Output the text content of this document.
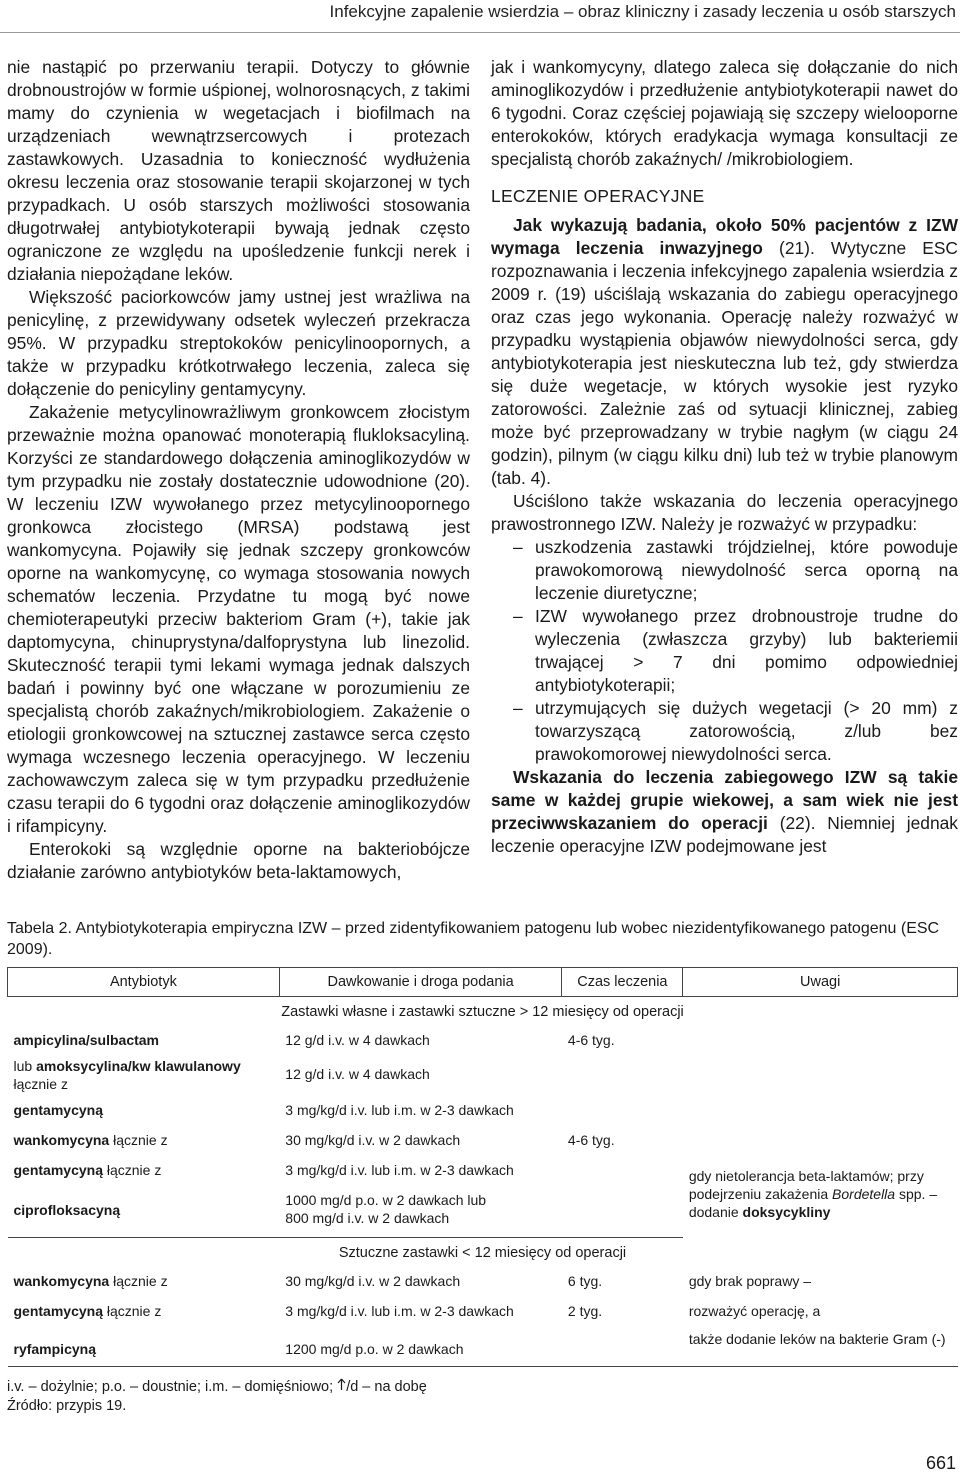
Infekcyjne zapalenie wsierdzia – obraz kliniczny i zasady leczenia u osób starszych

nie nastąpić po przerwaniu terapii. Dotyczy to głównie drobnoustrojów w formie uśpionej, wolnorosnących, z takimi mamy do czynienia w wegetacjach i biofilmach na urządzeniach wewnątrzsercowych i protezach zastawkowych. Uzasadnia to konieczność wydłużenia okresu leczenia oraz stosowanie terapii skojarzonej w tych przypadkach. U osób starszych możliwości stosowania długotrwałej antybiotykoterapii bywają jednak często ograniczone ze względu na upośledzenie funkcji nerek i działania niepożądane leków.

Większość paciorkowców jamy ustnej jest wrażliwa na penicylinę, z przewidywany odsetek wyleczeń przekracza 95%. W przypadku streptokoków penicylinoopornych, a także w przypadku krótkotrwałego leczenia, zaleca się dołączenie do penicyliny gentamycyny.

Zakażenie metycylinowrażliwym gronkowcem złocistym przeważnie można opanować monoterapią flukloksacyliną. Korzyści ze standardowego dołączenia aminoglikozydów w tym przypadku nie zostały dostatecznie udowodnione (20). W leczeniu IZW wywołanego przez metycylinoopornego gronkowca złocistego (MRSA) podstawą jest wankomycyna. Pojawiły się jednak szczepy gronkowców oporne na wankomycynę, co wymaga stosowania nowych schematów leczenia. Przydatne tu mogą być nowe chemioterapeutyki przeciw bakteriom Gram (+), takie jak daptomycyna, chinuprystyna/dalfoprystyna lub linezolid. Skuteczność terapii tymi lekami wymaga jednak dalszych badań i powinny być one włączane w porozumieniu ze specjalistą chorób zakaźnych/mikrobiologiem. Zakażenie o etiologii gronkowcowej na sztucznej zastawce serca często wymaga wczesnego leczenia operacyjnego. W leczeniu zachowawczym zaleca się w tym przypadku przedłużenie czasu terapii do 6 tygodni oraz dołączenie aminoglikozydów i rifampicyny.

Enterokoki są względnie oporne na bakteriobójcze działanie zarówno antybiotyków beta-laktamowych,

jak i wankomycyny, dlatego zaleca się dołączanie do nich aminoglikozydów i przedłużenie antybiotykoterapii nawet do 6 tygodni. Coraz częściej pojawiają się szczepy wielooporne enterokoków, których eradykacja wymaga konsultacji ze specjalistą chorób zakaźnych/ /mikrobiologiem.

LECZENIE OPERACYJNE

Jak wykazują badania, około 50% pacjentów z IZW wymaga leczenia inwazyjnego (21). Wytyczne ESC rozpoznawania i leczenia infekcyjnego zapalenia wsierdzia z 2009 r. (19) uściślają wskazania do zabiegu operacyjnego oraz czas jego wykonania. Operację należy rozważyć w przypadku wystąpienia objawów niewydolności serca, gdy antybiotykoterapia jest nieskuteczna lub też, gdy stwierdza się duże wegetacje, w których wysokie jest ryzyko zatorowości. Zależnie zaś od sytuacji klinicznej, zabieg może być przeprowadzany w trybie nagłym (w ciągu 24 godzin), pilnym (w ciągu kilku dni) lub też w trybie planowym (tab. 4).

Uściślono także wskazania do leczenia operacyjnego prawostronnego IZW. Należy je rozważyć w przypadku:

– uszkodzenia zastawki trójdzielnej, które powoduje prawokomorową niewydolność serca oporną na leczenie diuretyczne;
– IZW wywołanego przez drobnoustroje trudne do wyleczenia (zwłaszcza grzyby) lub bakteriemii trwającej > 7 dni pomimo odpowiedniej antybiotykoterapii;
– utrzymujących się dużych wegetacji (> 20 mm) z towarzyszącą zatorowością, z/lub bez prawokomorowej niewydolności serca.

Wskazania do leczenia zabiegowego IZW są takie same w każdej grupie wiekowej, a sam wiek nie jest przeciwwskazaniem do operacji (22). Niemniej jednak leczenie operacyjne IZW podejmowane jest

Tabela 2. Antybiotykoterapia empiryczna IZW – przed zidentyfikowaniem patogenu lub wobec niezidentyfikowanego patogenu (ESC 2009).
Antybiotyk	Dawkowanie i droga podania	Czas leczenia	Uwagi
Zastawki własne i zastawki sztuczne > 12 miesięcy od operacji			
ampicylina/sulbactam	12 g/d i.v. w 4 dawkach	4-6 tyg.	
lub amoksycylina/kw klawulanowy
łącznie z	12 g/d i.v. w 4 dawkach		
gentamycyną	3 mg/kg/d i.v. lub i.m. w 2-3 dawkach		
wankomycyna łącznie z	30 mg/kg/d i.v. w 2 dawkach	4-6 tyg.	
gentamycyną łącznie z	3 mg/kg/d i.v. lub i.m. w 2-3 dawkach		gdy nietolerancja beta-laktamów; przy podejrzeniu zakażenia Bordetella spp. – dodanie doksycykliny
ciprofloksacyną	1000 mg/d p.o. w 2 dawkach lub
800 mg/d i.v. w 2 dawkach		
Sztuczne zastawki < 12 miesięcy od operacji			
wankomycyna łącznie z	30 mg/kg/d i.v. w 2 dawkach	6 tyg.	gdy brak poprawy –
gentamycyną łącznie z	3 mg/kg/d i.v. lub i.m. w 2-3 dawkach	2 tyg.	rozważyć operację, a
ryfampicyną	1200 mg/d p.o. w 2 dawkach		także dodanie leków na bakterie Gram (-)
i.v. – dożylnie; p.o. – doustnie; i.m. – domięśniowo; /d – na dobę
Źródło: przypis 19.
661
